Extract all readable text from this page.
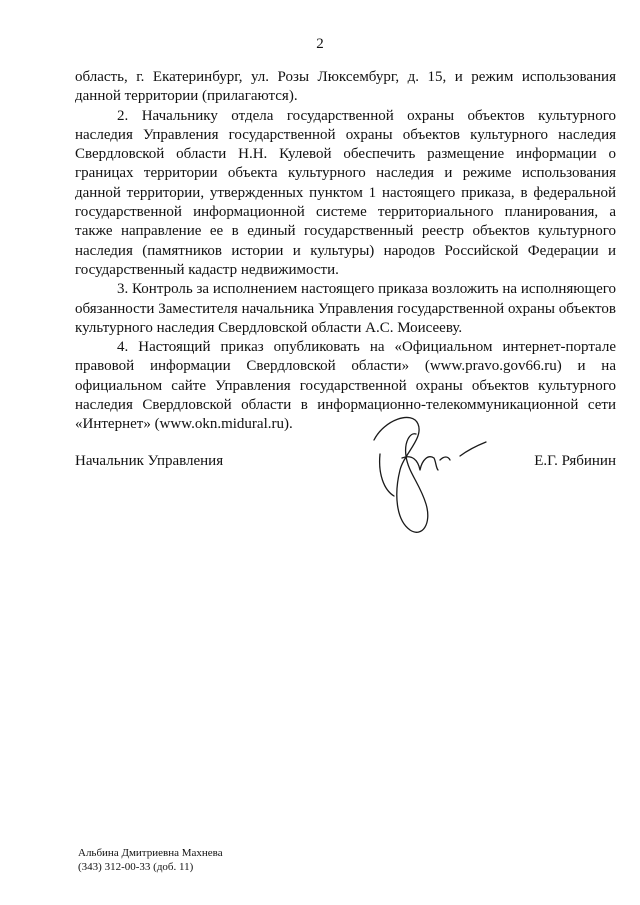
2

область, г. Екатеринбург, ул. Розы Люксембург, д. 15, и режим использования данной территории (прилагаются).

2. Начальнику отдела государственной охраны объектов культурного наследия Управления государственной охраны объектов культурного наследия Свердловской области Н.Н. Кулевой обеспечить размещение информации о границах территории объекта культурного наследия и режиме использования данной территории, утвержденных пунктом 1 настоящего приказа, в федеральной государственной информационной системе территориального планирования, а также направление ее в единый государственный реестр объектов культурного наследия (памятников истории и культуры) народов Российской Федерации и государственный кадастр недвижимости.

3. Контроль за исполнением настоящего приказа возложить на исполняющего обязанности Заместителя начальника Управления государственной охраны объектов культурного наследия Свердловской области А.С. Моисееву.

4. Настоящий приказ опубликовать на «Официальном интернет-портале правовой информации Свердловской области» (www.pravo.gov66.ru) и на официальном сайте Управления государственной охраны объектов культурного наследия Свердловской области в информационно-телекоммуникационной сети «Интернет» (www.okn.midural.ru).

Начальник Управления	Е.Г. Рябинин
Альбина Дмитриевна Махнева
(343) 312-00-33 (доб. 11)
